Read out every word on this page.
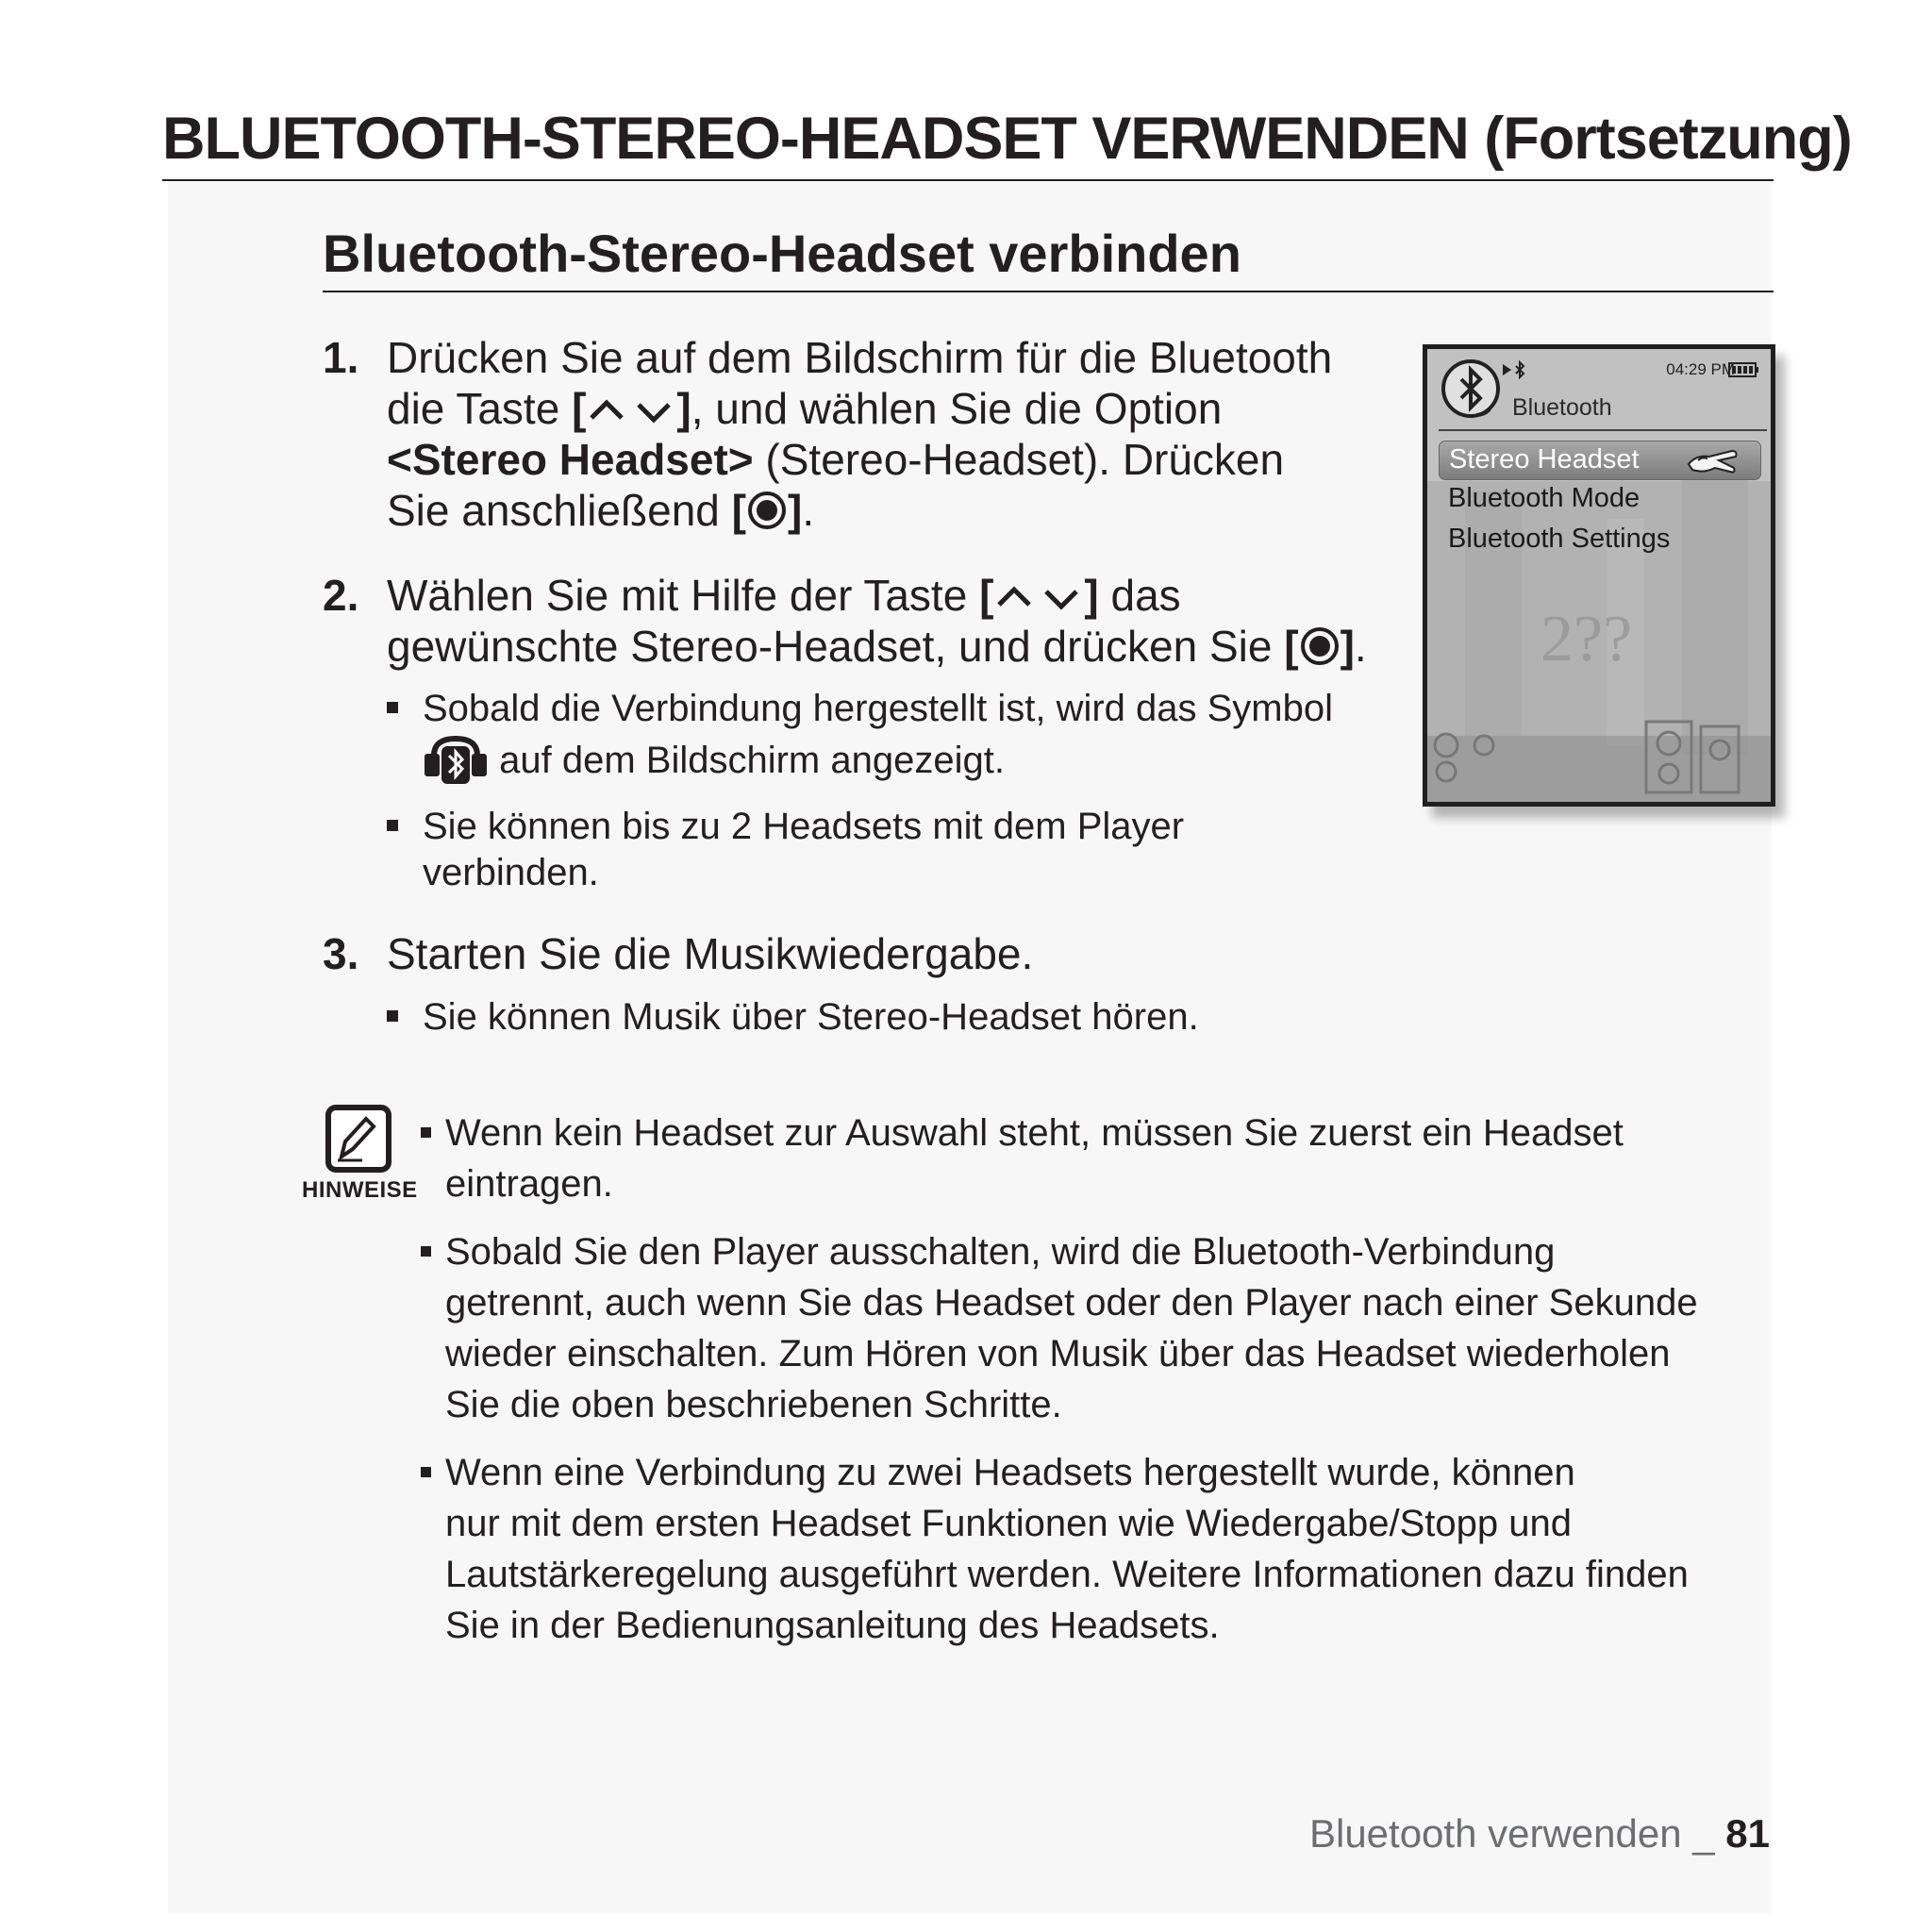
BLUETOOTH-STEREO-HEADSET VERWENDEN (Fortsetzung)
Bluetooth-Stereo-Headset verbinden
1. Drücken Sie auf dem Bildschirm für die Bluetooth
die Taste [ ], und wählen Sie die Option
<Stereo Headset> (Stereo-Headset). Drücken
Sie anschließend [ ].
2. Wählen Sie mit Hilfe der Taste [ ] das
gewünschte Stereo-Headset, und drücken Sie [ ].
Sobald die Verbindung hergestellt ist, wird das Symbol
auf dem Bildschirm angezeigt.
Sie können bis zu 2 Headsets mit dem Player
verbinden.
3. Starten Sie die Musikwiedergabe.
Sie können Musik über Stereo-Headset hören.
2??
04:29 PM
Bluetooth
Stereo Headset
Bluetooth Mode
Bluetooth Settings
HINWEISE
Wenn kein Headset zur Auswahl steht, müssen Sie zuerst ein Headset
eintragen.
Sobald Sie den Player ausschalten, wird die Bluetooth-Verbindung
getrennt, auch wenn Sie das Headset oder den Player nach einer Sekunde
wieder einschalten. Zum Hören von Musik über das Headset wiederholen
Sie die oben beschriebenen Schritte.
Wenn eine Verbindung zu zwei Headsets hergestellt wurde, können
nur mit dem ersten Headset Funktionen wie Wiedergabe/Stopp und
Lautstärkeregelung ausgeführt werden. Weitere Informationen dazu finden
Sie in der Bedienungsanleitung des Headsets.
Bluetooth verwenden _ 81
